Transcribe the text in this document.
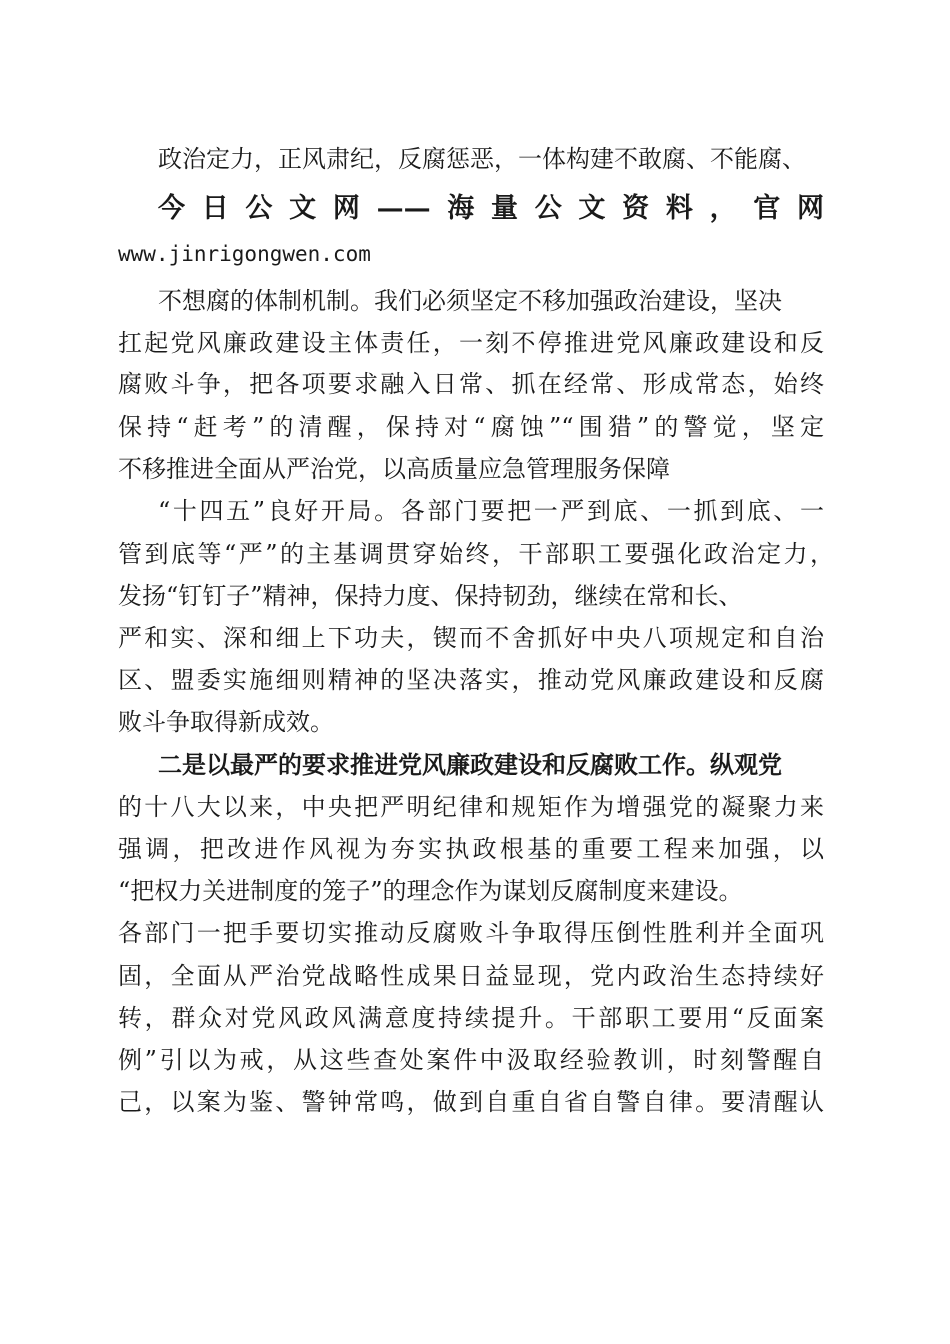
政治定力，正风肃纪，反腐惩恶，一体构建不敢腐、不能腐、
今日公文网——海量公文资料，官网
www.jinrigongwen.com
不想腐的体制机制。我们必须坚定不移加强政治建设，坚决
扛起党风廉政建设主体责任，一刻不停推进党风廉政建设和反
腐败斗争，把各项要求融入日常、抓在经常、形成常态，始终
保持“赶考”的清醒，保持对“腐蚀”“围猎”的警觉，坚定
不移推进全面从严治党，以高质量应急管理服务保障
“十四五”良好开局。各部门要把一严到底、一抓到底、一
管到底等“严”的主基调贯穿始终，干部职工要强化政治定力，
发扬“钉钉子”精神，保持力度、保持韧劲，继续在常和长、
严和实、深和细上下功夫，锲而不舍抓好中央八项规定和自治
区、盟委实施细则精神的坚决落实，推动党风廉政建设和反腐
败斗争取得新成效。
二是以最严的要求推进党风廉政建设和反腐败工作。纵观党
的十八大以来，中央把严明纪律和规矩作为增强党的凝聚力来
强调，把改进作风视为夯实执政根基的重要工程来加强，以
“把权力关进制度的笼子”的理念作为谋划反腐制度来建设。
各部门一把手要切实推动反腐败斗争取得压倒性胜利并全面巩
固，全面从严治党战略性成果日益显现，党内政治生态持续好
转，群众对党风政风满意度持续提升。干部职工要用“反面案
例”引以为戒，从这些查处案件中汲取经验教训，时刻警醒自
己，以案为鉴、警钟常鸣，做到自重自省自警自律。要清醒认
